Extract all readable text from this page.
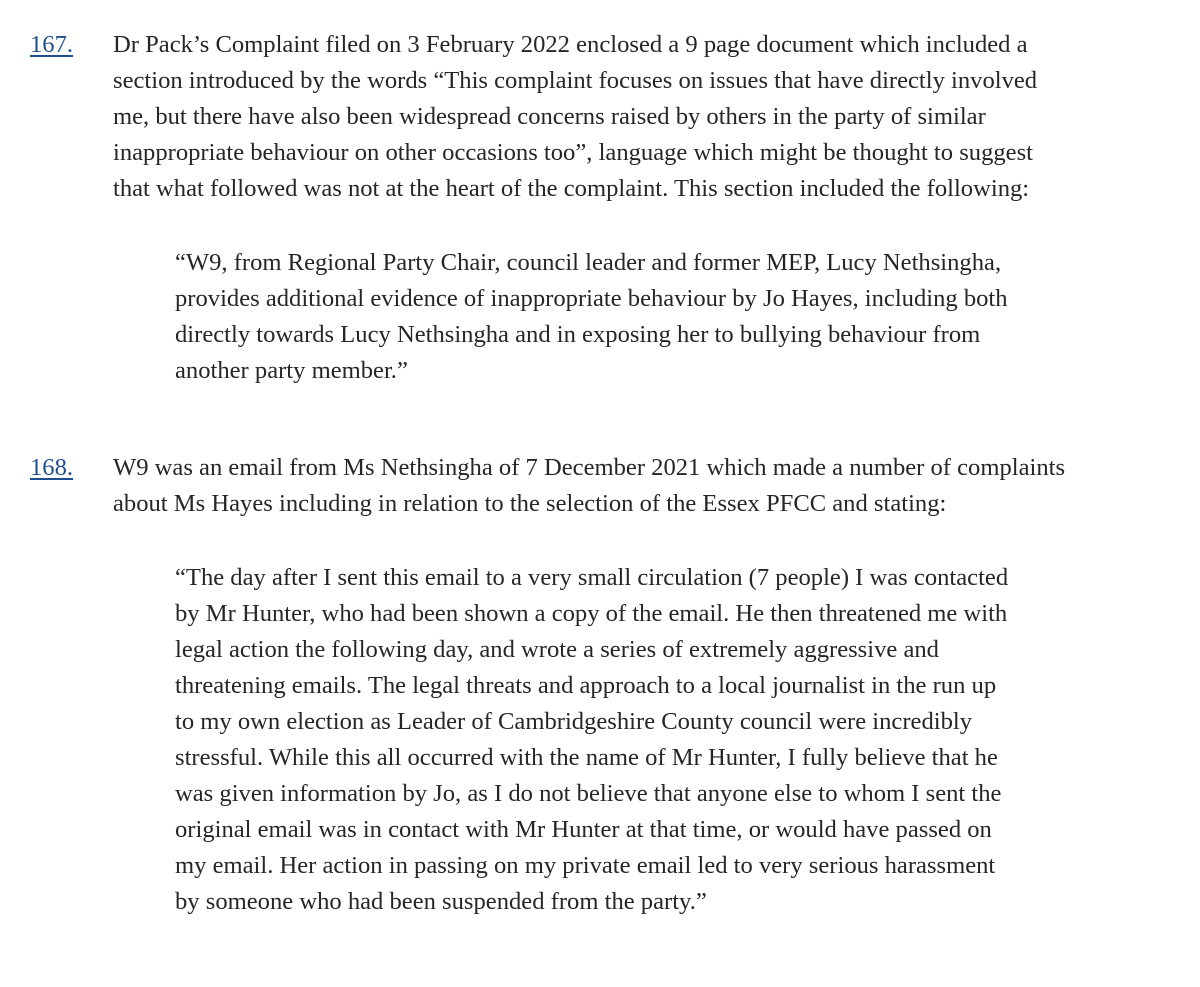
167. Dr Pack’s Complaint filed on 3 February 2022 enclosed a 9 page document which included a
section introduced by the words “This complaint focuses on issues that have directly involved
me, but there have also been widespread concerns raised by others in the party of similar
inappropriate behaviour on other occasions too”, language which might be thought to suggest
that what followed was not at the heart of the complaint. This section included the following:
“W9, from Regional Party Chair, council leader and former MEP, Lucy Nethsingha,
provides additional evidence of inappropriate behaviour by Jo Hayes, including both
directly towards Lucy Nethsingha and in exposing her to bullying behaviour from
another party member.”
168. W9 was an email from Ms Nethsingha of 7 December 2021 which made a number of complaints
about Ms Hayes including in relation to the selection of the Essex PFCC and stating:
“The day after I sent this email to a very small circulation (7 people) I was contacted
by Mr Hunter, who had been shown a copy of the email. He then threatened me with
legal action the following day, and wrote a series of extremely aggressive and
threatening emails. The legal threats and approach to a local journalist in the run up
to my own election as Leader of Cambridgeshire County council were incredibly
stressful. While this all occurred with the name of Mr Hunter, I fully believe that he
was given information by Jo, as I do not believe that anyone else to whom I sent the
original email was in contact with Mr Hunter at that time, or would have passed on
my email. Her action in passing on my private email led to very serious harassment
by someone who had been suspended from the party.”
